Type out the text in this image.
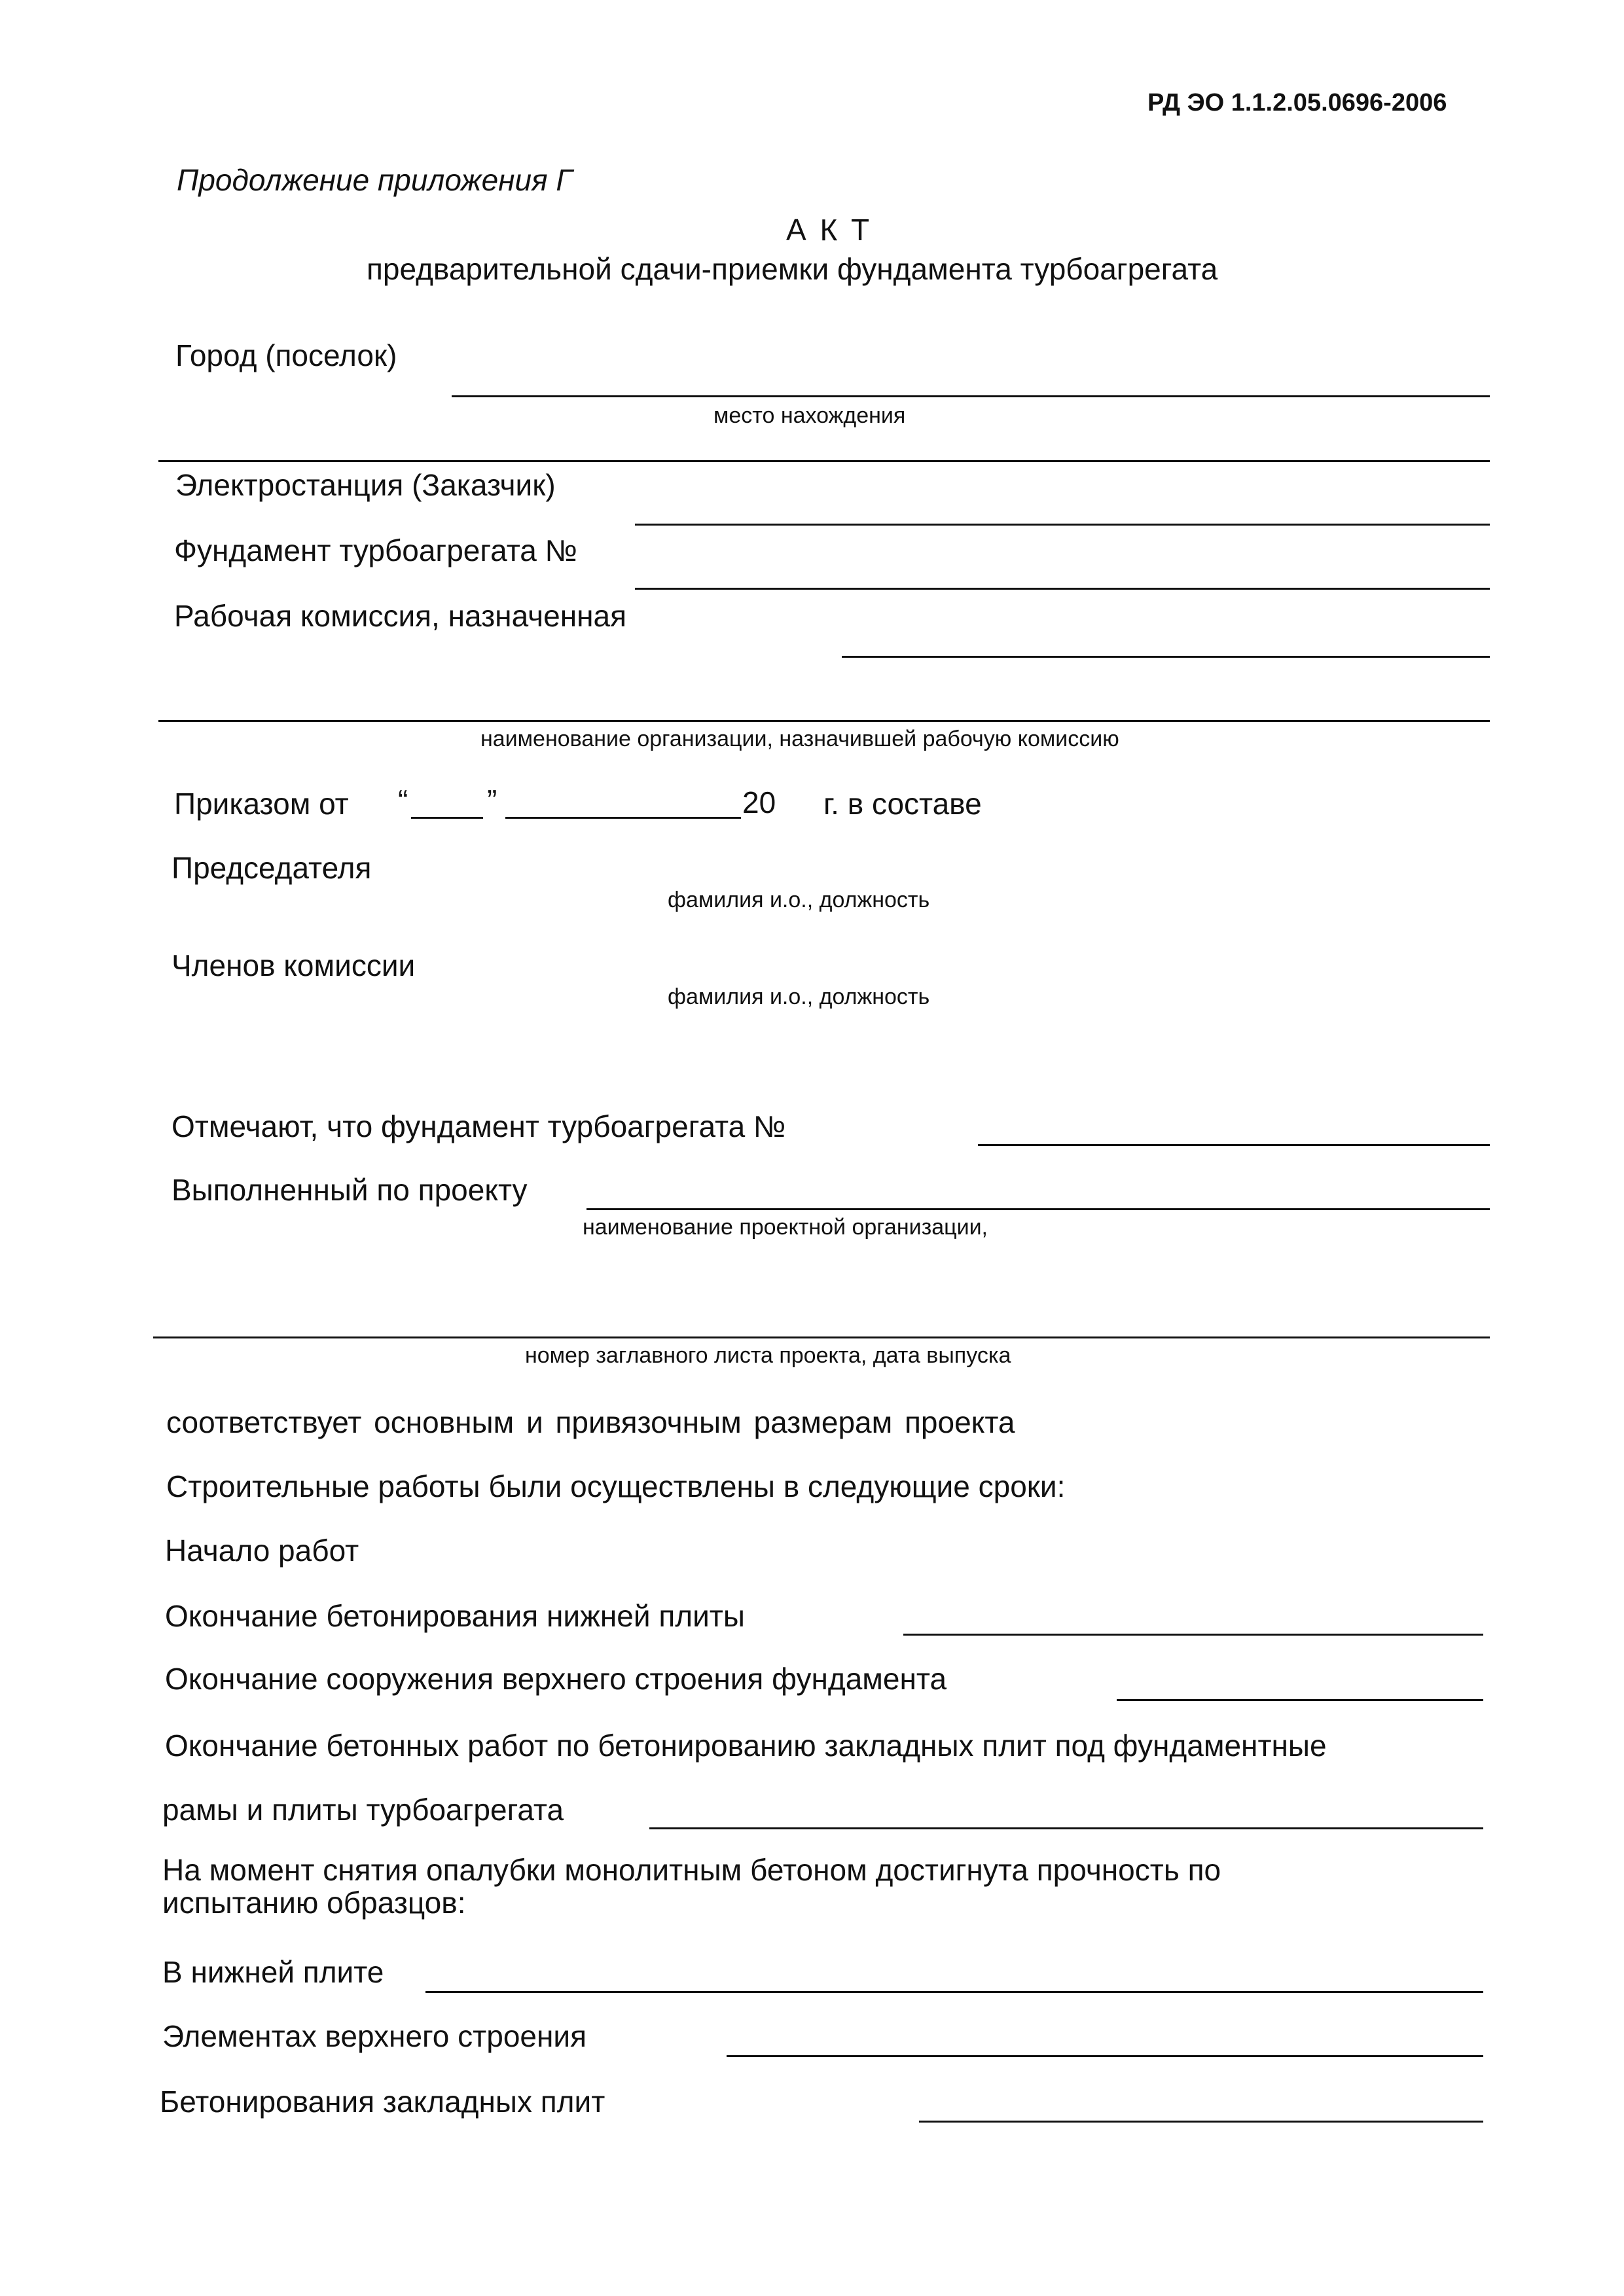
РД ЭО 1.1.2.05.0696-2006
Продолжение приложения Г
А К Т
предварительной сдачи-приемки фундамента турбоагрегата
Город (поселок)
место нахождения
Электростанция (Заказчик)
Фундамент турбоагрегата №
Рабочая комиссия, назначенная
наименование организации, назначившей рабочую комиссию
Приказом от “	”	20 г. в составе
Председателя
фамилия и.о., должность
Членов комиссии
фамилия и.о., должность
Отмечают, что фундамент турбоагрегата №
Выполненный по проекту
наименование проектной организации,
номер заглавного листа проекта, дата выпуска
соответствует основным и привязочным размерам проекта
Строительные работы были осуществлены в следующие сроки:
Начало работ
Окончание бетонирования нижней плиты
Окончание сооружения верхнего строения фундамента
Окончание бетонных работ по бетонированию закладных плит под фундаментные
рамы и плиты турбоагрегата
На момент снятия опалубки монолитным бетоном достигнута прочность по
испытанию образцов:
В нижней плите
Элементах верхнего строения
Бетонирования закладных плит
